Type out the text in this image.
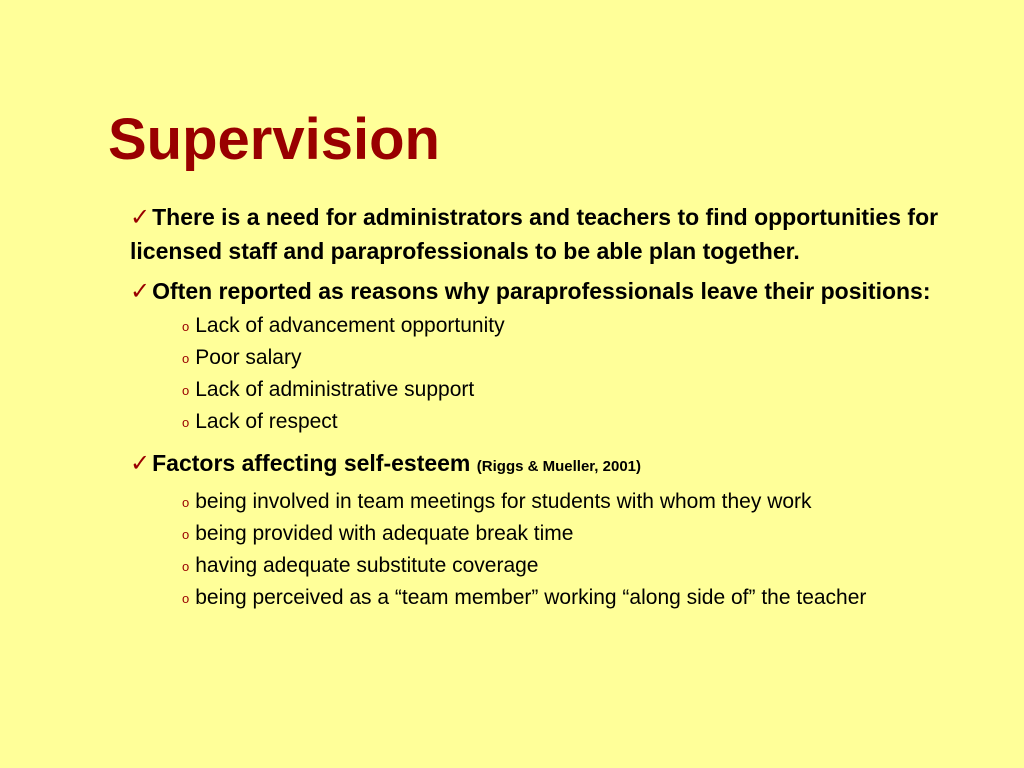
Supervision

✓There is a need for administrators and teachers to find opportunities for licensed staff and paraprofessionals to be able plan together.

✓Often reported as reasons why paraprofessionals leave their positions:

o Lack of advancement opportunity
o Poor salary
o Lack of administrative support
o Lack of respect

✓Factors affecting self-esteem (Riggs & Mueller, 2001)

o being involved in team meetings for students with whom they work
o being provided with adequate break time
o having adequate substitute coverage
o being perceived as a “team member” working “along side of” the teacher
